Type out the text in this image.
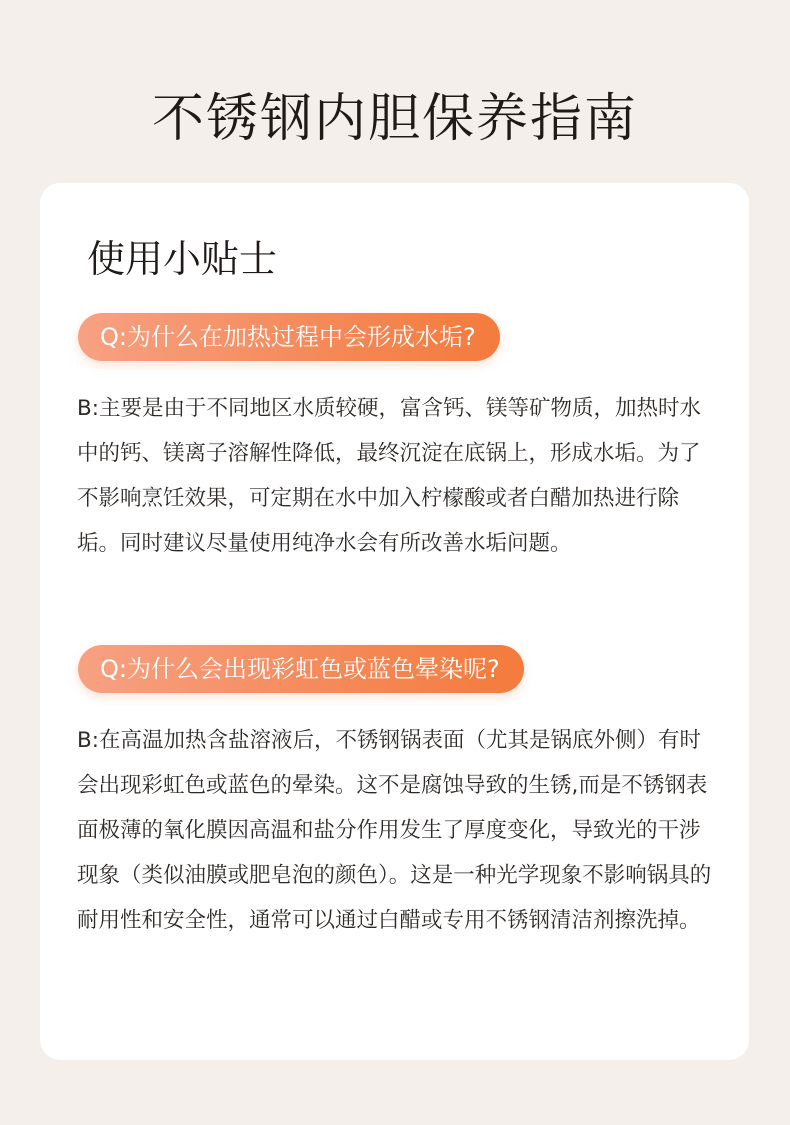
不锈钢内胆保养指南
使用小贴士
Q:为什么在加热过程中会形成水垢?
B:主要是由于不同地区水质较硬，富含钙、镁等矿物质，加热时水中的钙、镁离子溶解性降低，最终沉淀在底锅上，形成水垢。为了不影响烹饪效果，可定期在水中加入柠檬酸或者白醋加热进行除垢。同时建议尽量使用纯净水会有所改善水垢问题。
Q:为什么会出现彩虹色或蓝色晕染呢?
B:在高温加热含盐溶液后，不锈钢锅表面（尤其是锅底外侧）有时会出现彩虹色或蓝色的晕染。这不是腐蚀导致的生锈,而是不锈钢表面极薄的氧化膜因高温和盐分作用发生了厚度变化，导致光的干涉现象（类似油膜或肥皂泡的颜色）。这是一种光学现象不影响锅具的耐用性和安全性，通常可以通过白醋或专用不锈钢清洁剂擦洗掉。
